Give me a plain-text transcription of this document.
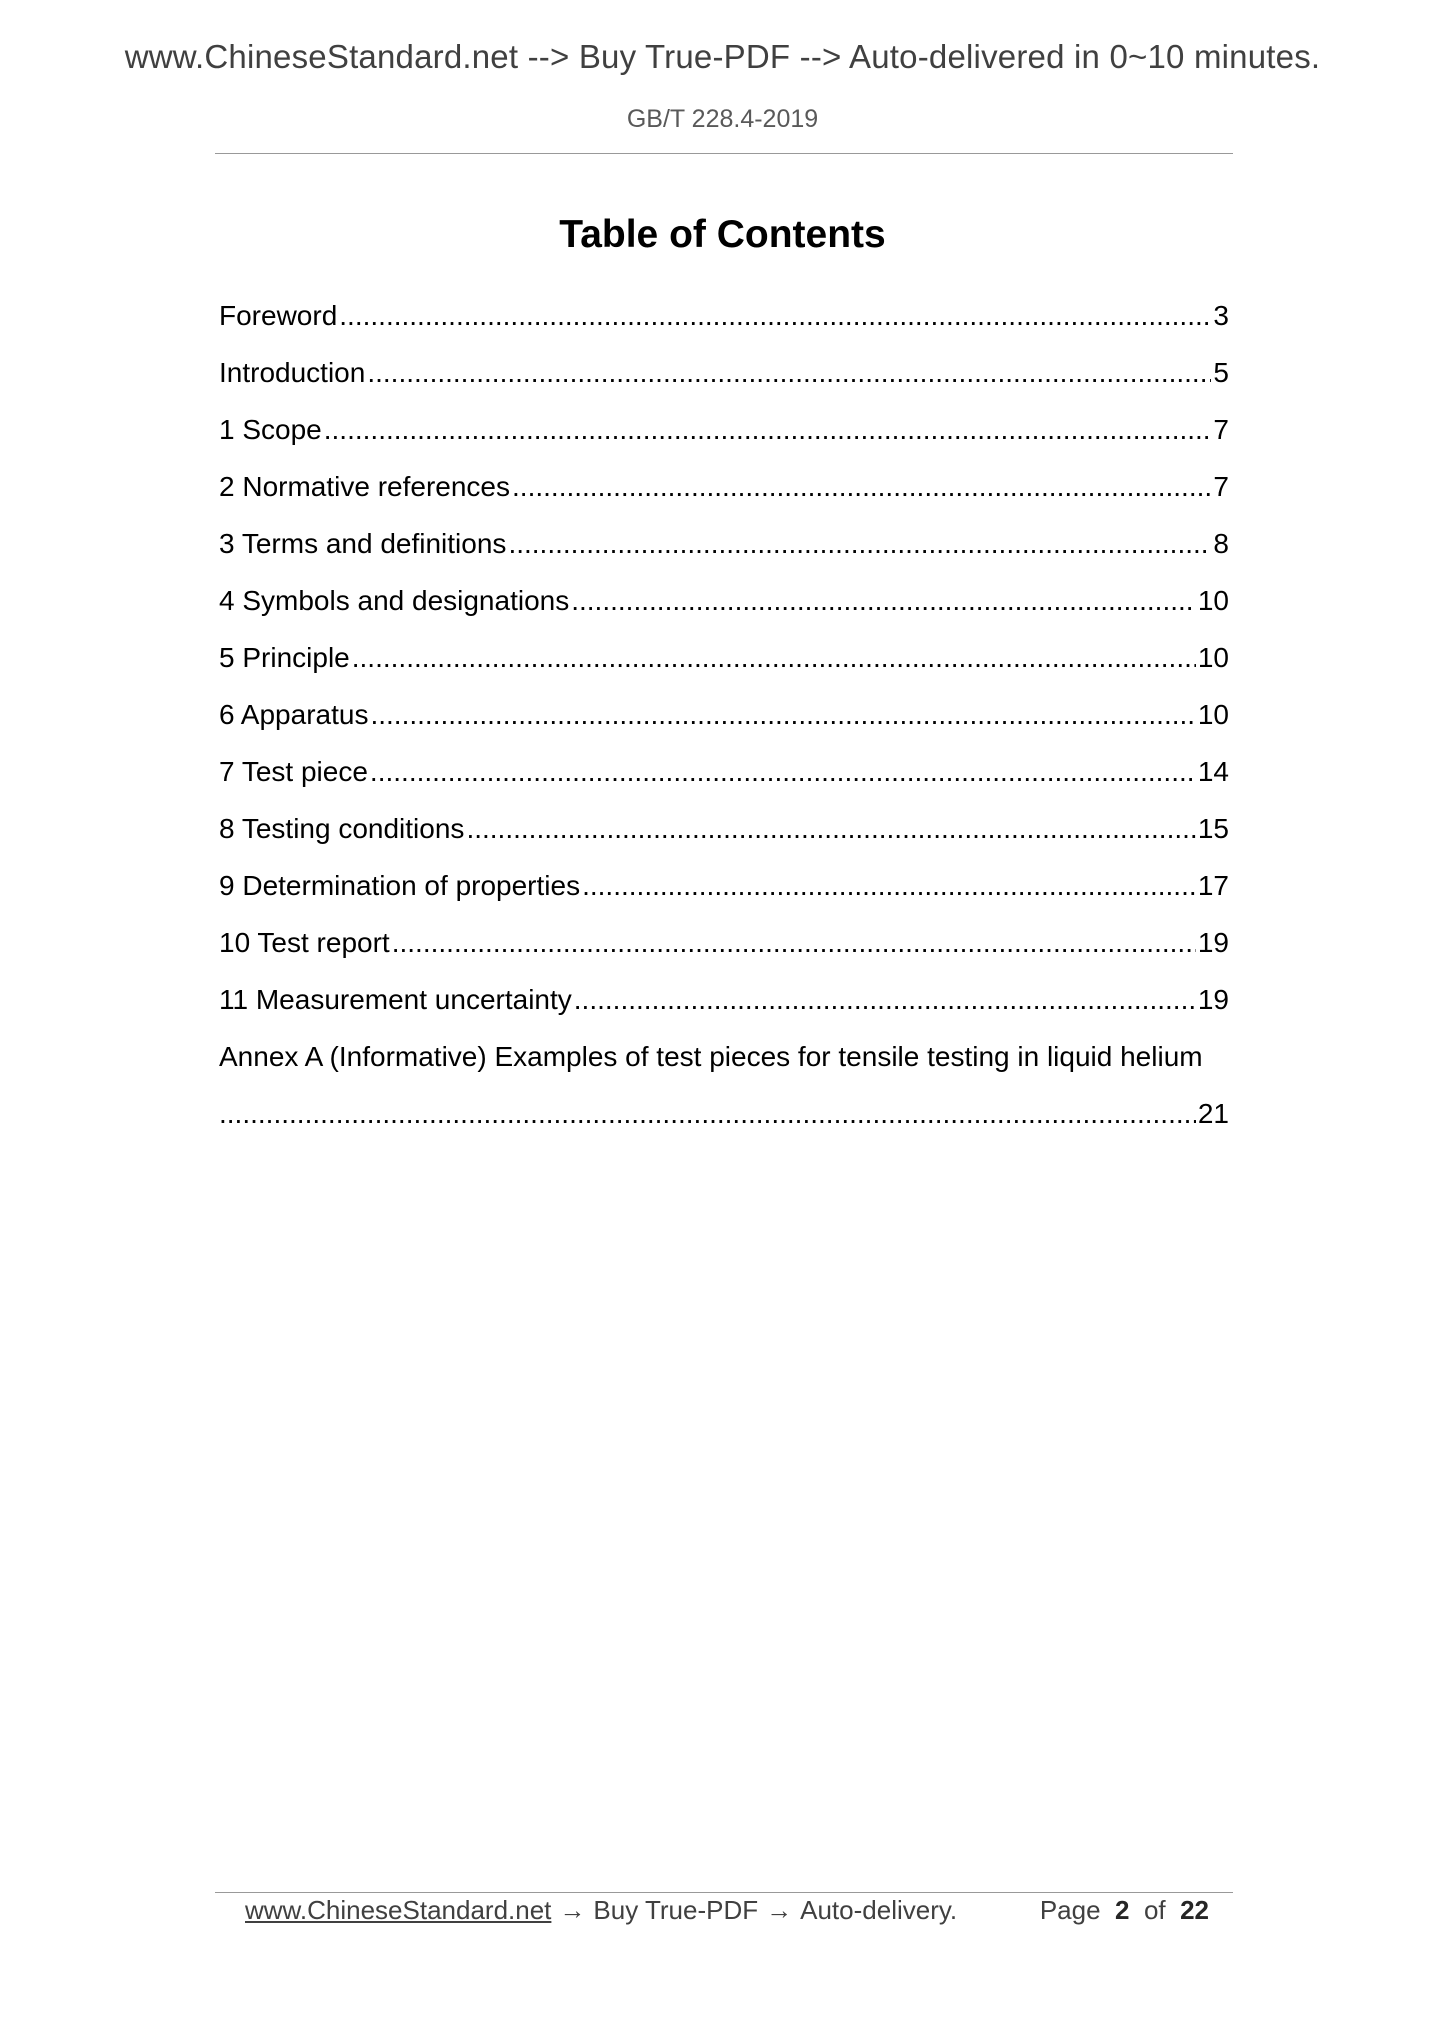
www.ChineseStandard.net --> Buy True-PDF --> Auto-delivered in 0~10 minutes.
GB/T 228.4-2019
Table of Contents
Foreword .....	3
Introduction .....	5
1 Scope .....	7
2 Normative references .....	7
3 Terms and definitions .....	8
4 Symbols and designations .....	10
5 Principle .....	10
6 Apparatus .....	10
7 Test piece .....	14
8 Testing conditions .....	15
9 Determination of properties .....	17
10 Test report .....	19
11 Measurement uncertainty .....	19
Annex A (Informative) Examples of test pieces for tensile testing in liquid helium
.....
21
www.ChineseStandard.net → Buy True-PDF → Auto-delivery.	Page 2 of 22
